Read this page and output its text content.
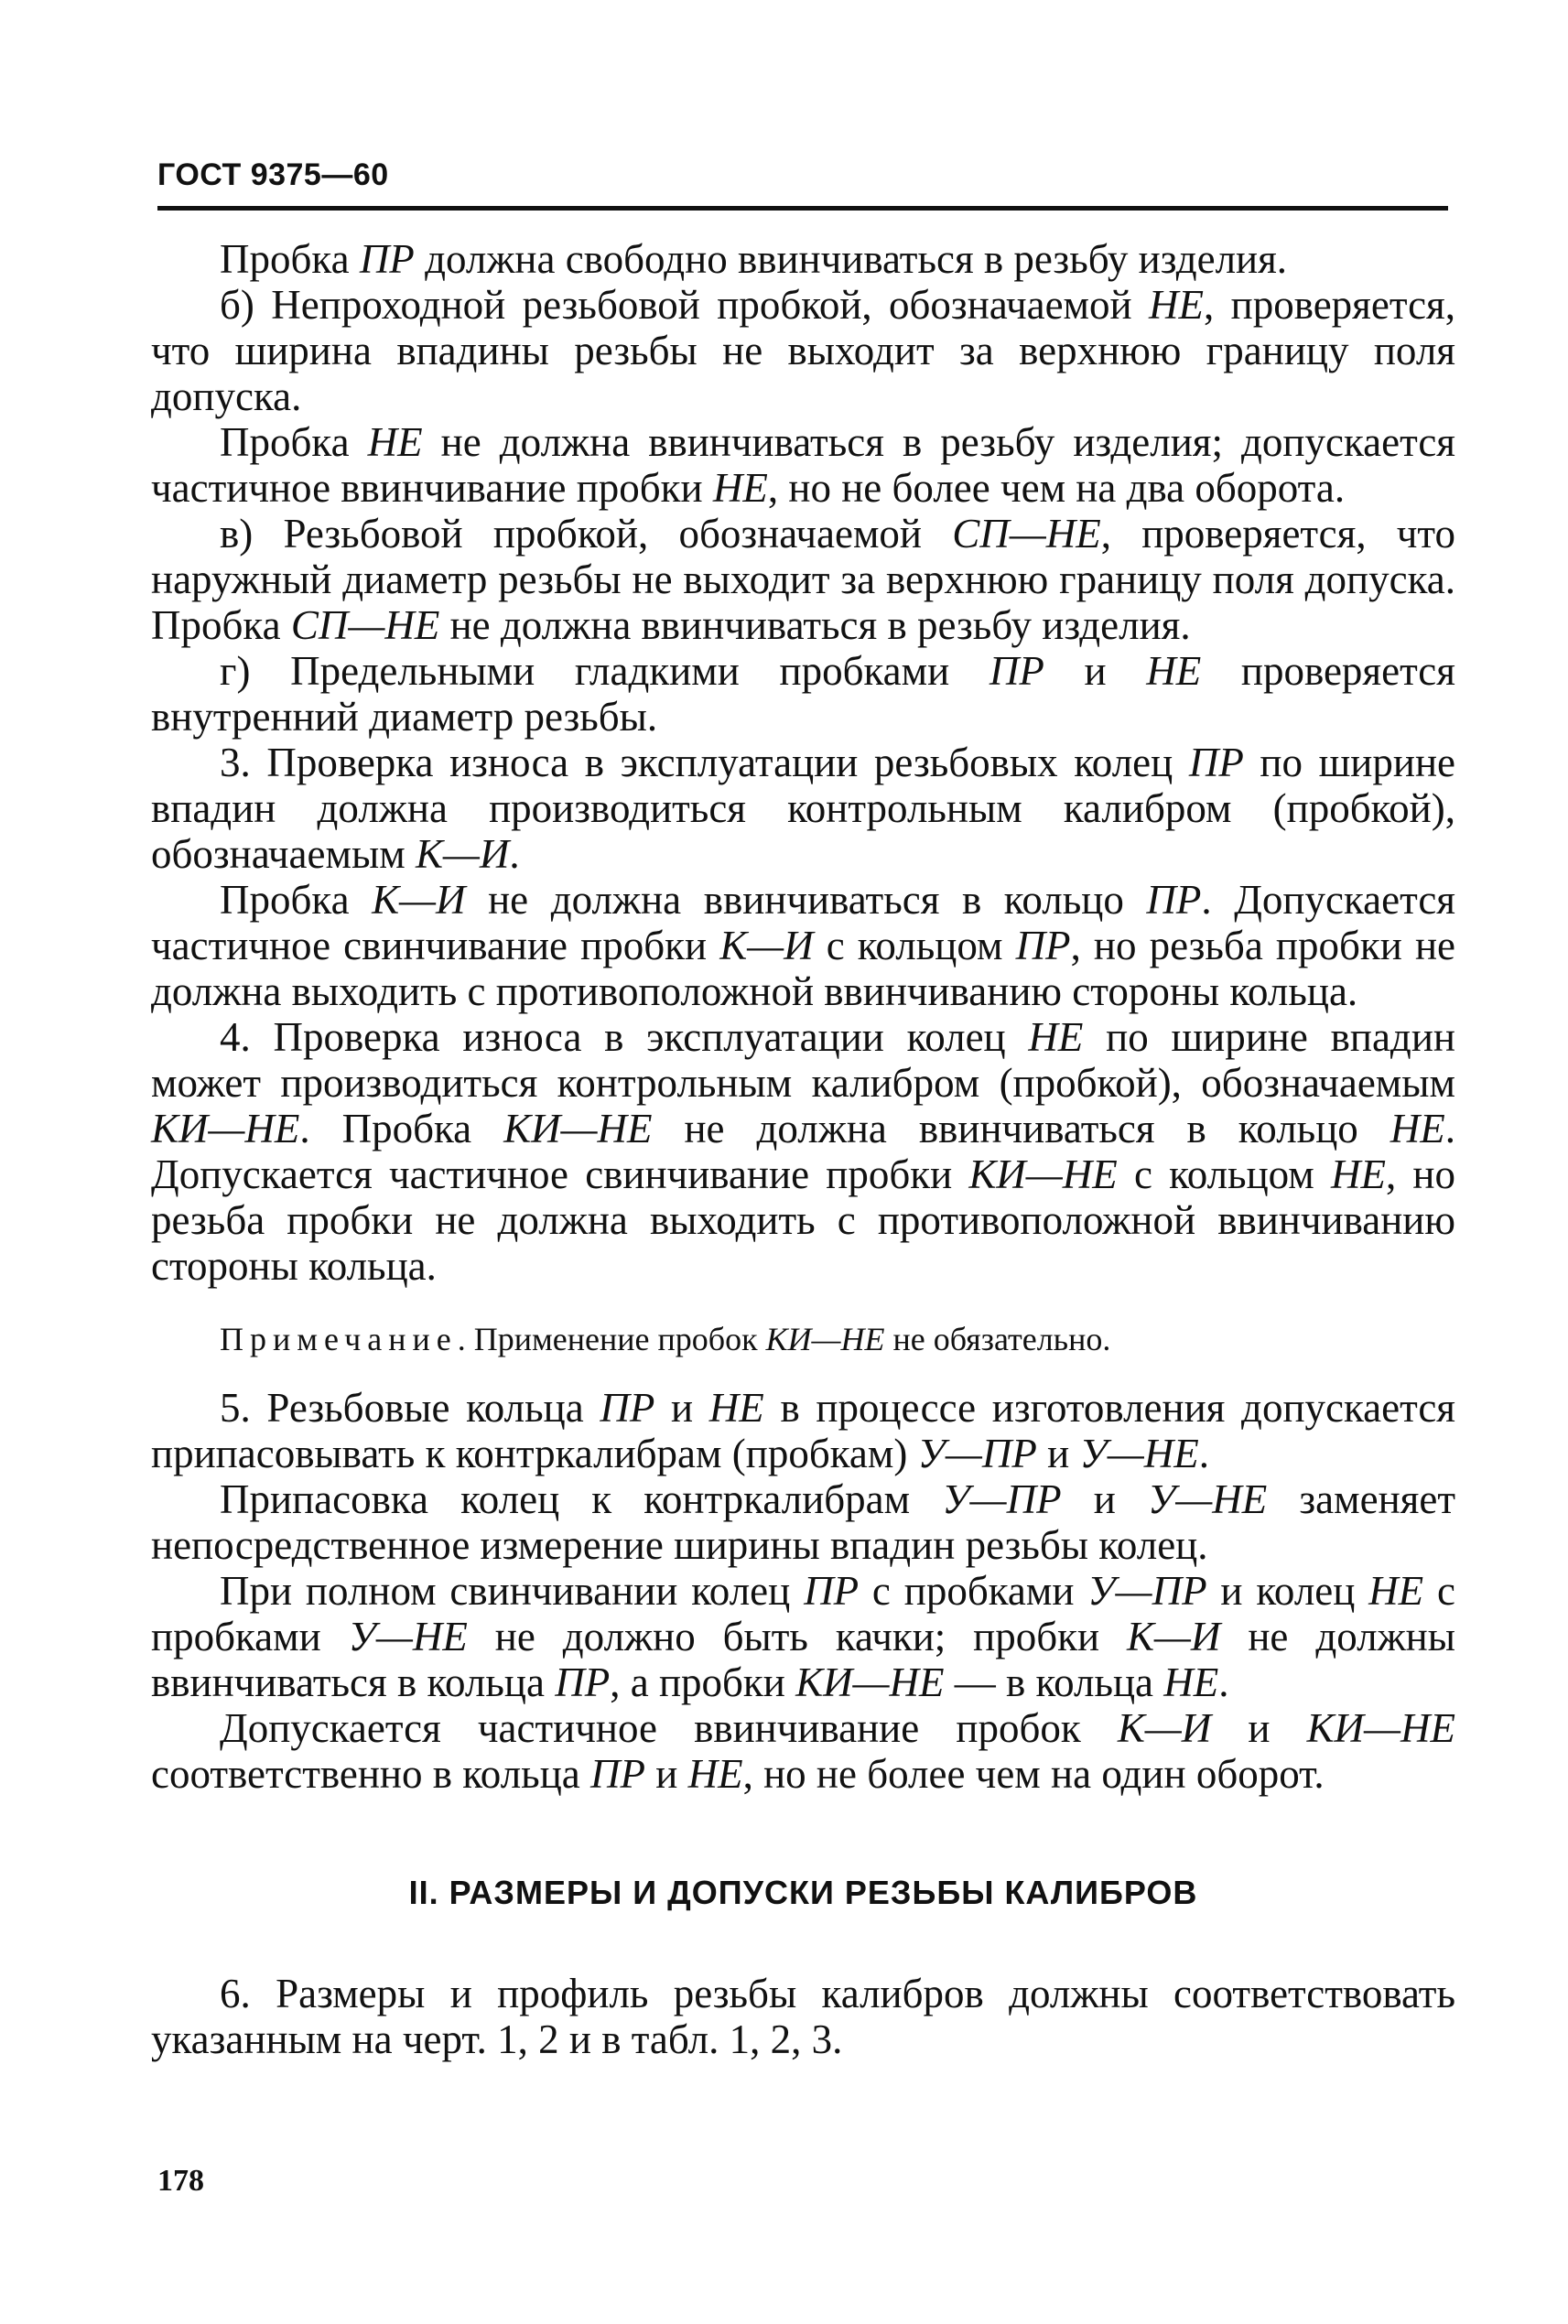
ГОСТ 9375—60

Пробка ПР должна свободно ввинчиваться в резьбу изделия.

б) Непроходной резьбовой пробкой, обозначаемой НЕ, проверяется, что ширина впадины резьбы не выходит за верхнюю границу поля допуска.

Пробка НЕ не должна ввинчиваться в резьбу изделия; допускается частичное ввинчивание пробки НЕ, но не более чем на два оборота.

в) Резьбовой пробкой, обозначаемой СП—НЕ, проверяется, что наружный диаметр резьбы не выходит за верхнюю границу поля допуска. Пробка СП—НЕ не должна ввинчиваться в резьбу изделия.

г) Предельными гладкими пробками ПР и НЕ проверяется внутренний диаметр резьбы.

3. Проверка износа в эксплуатации резьбовых колец ПР по ширине впадин должна производиться контрольным калибром (пробкой), обозначаемым К—И.

Пробка К—И не должна ввинчиваться в кольцо ПР. Допускается частичное свинчивание пробки К—И с кольцом ПР, но резьба пробки не должна выходить с противоположной ввинчиванию стороны кольца.

4. Проверка износа в эксплуатации колец НЕ по ширине впадин может производиться контрольным калибром (пробкой), обозначаемым КИ—НЕ. Пробка КИ—НЕ не должна ввинчиваться в кольцо НЕ. Допускается частичное свинчивание пробки КИ—НЕ с кольцом НЕ, но резьба пробки не должна выходить с противоположной ввинчиванию стороны кольца.

Примечание. Применение пробок КИ—НЕ не обязательно.

5. Резьбовые кольца ПР и НЕ в процессе изготовления допускается припасовывать к контркалибрам (пробкам) У—ПР и У—НЕ.

Припасовка колец к контркалибрам У—ПР и У—НЕ заменяет непосредственное измерение ширины впадин резьбы колец.

При полном свинчивании колец ПР с пробками У—ПР и колец НЕ с пробками У—НЕ не должно быть качки; пробки К—И не должны ввинчиваться в кольца ПР, а пробки КИ—НЕ — в кольца НЕ.

Допускается частичное ввинчивание пробок К—И и КИ—НЕ соответственно в кольца ПР и НЕ, но не более чем на один оборот.

II. РАЗМЕРЫ И ДОПУСКИ РЕЗЬБЫ КАЛИБРОВ

6. Размеры и профиль резьбы калибров должны соответствовать указанным на черт. 1, 2 и в табл. 1, 2, 3.

178
